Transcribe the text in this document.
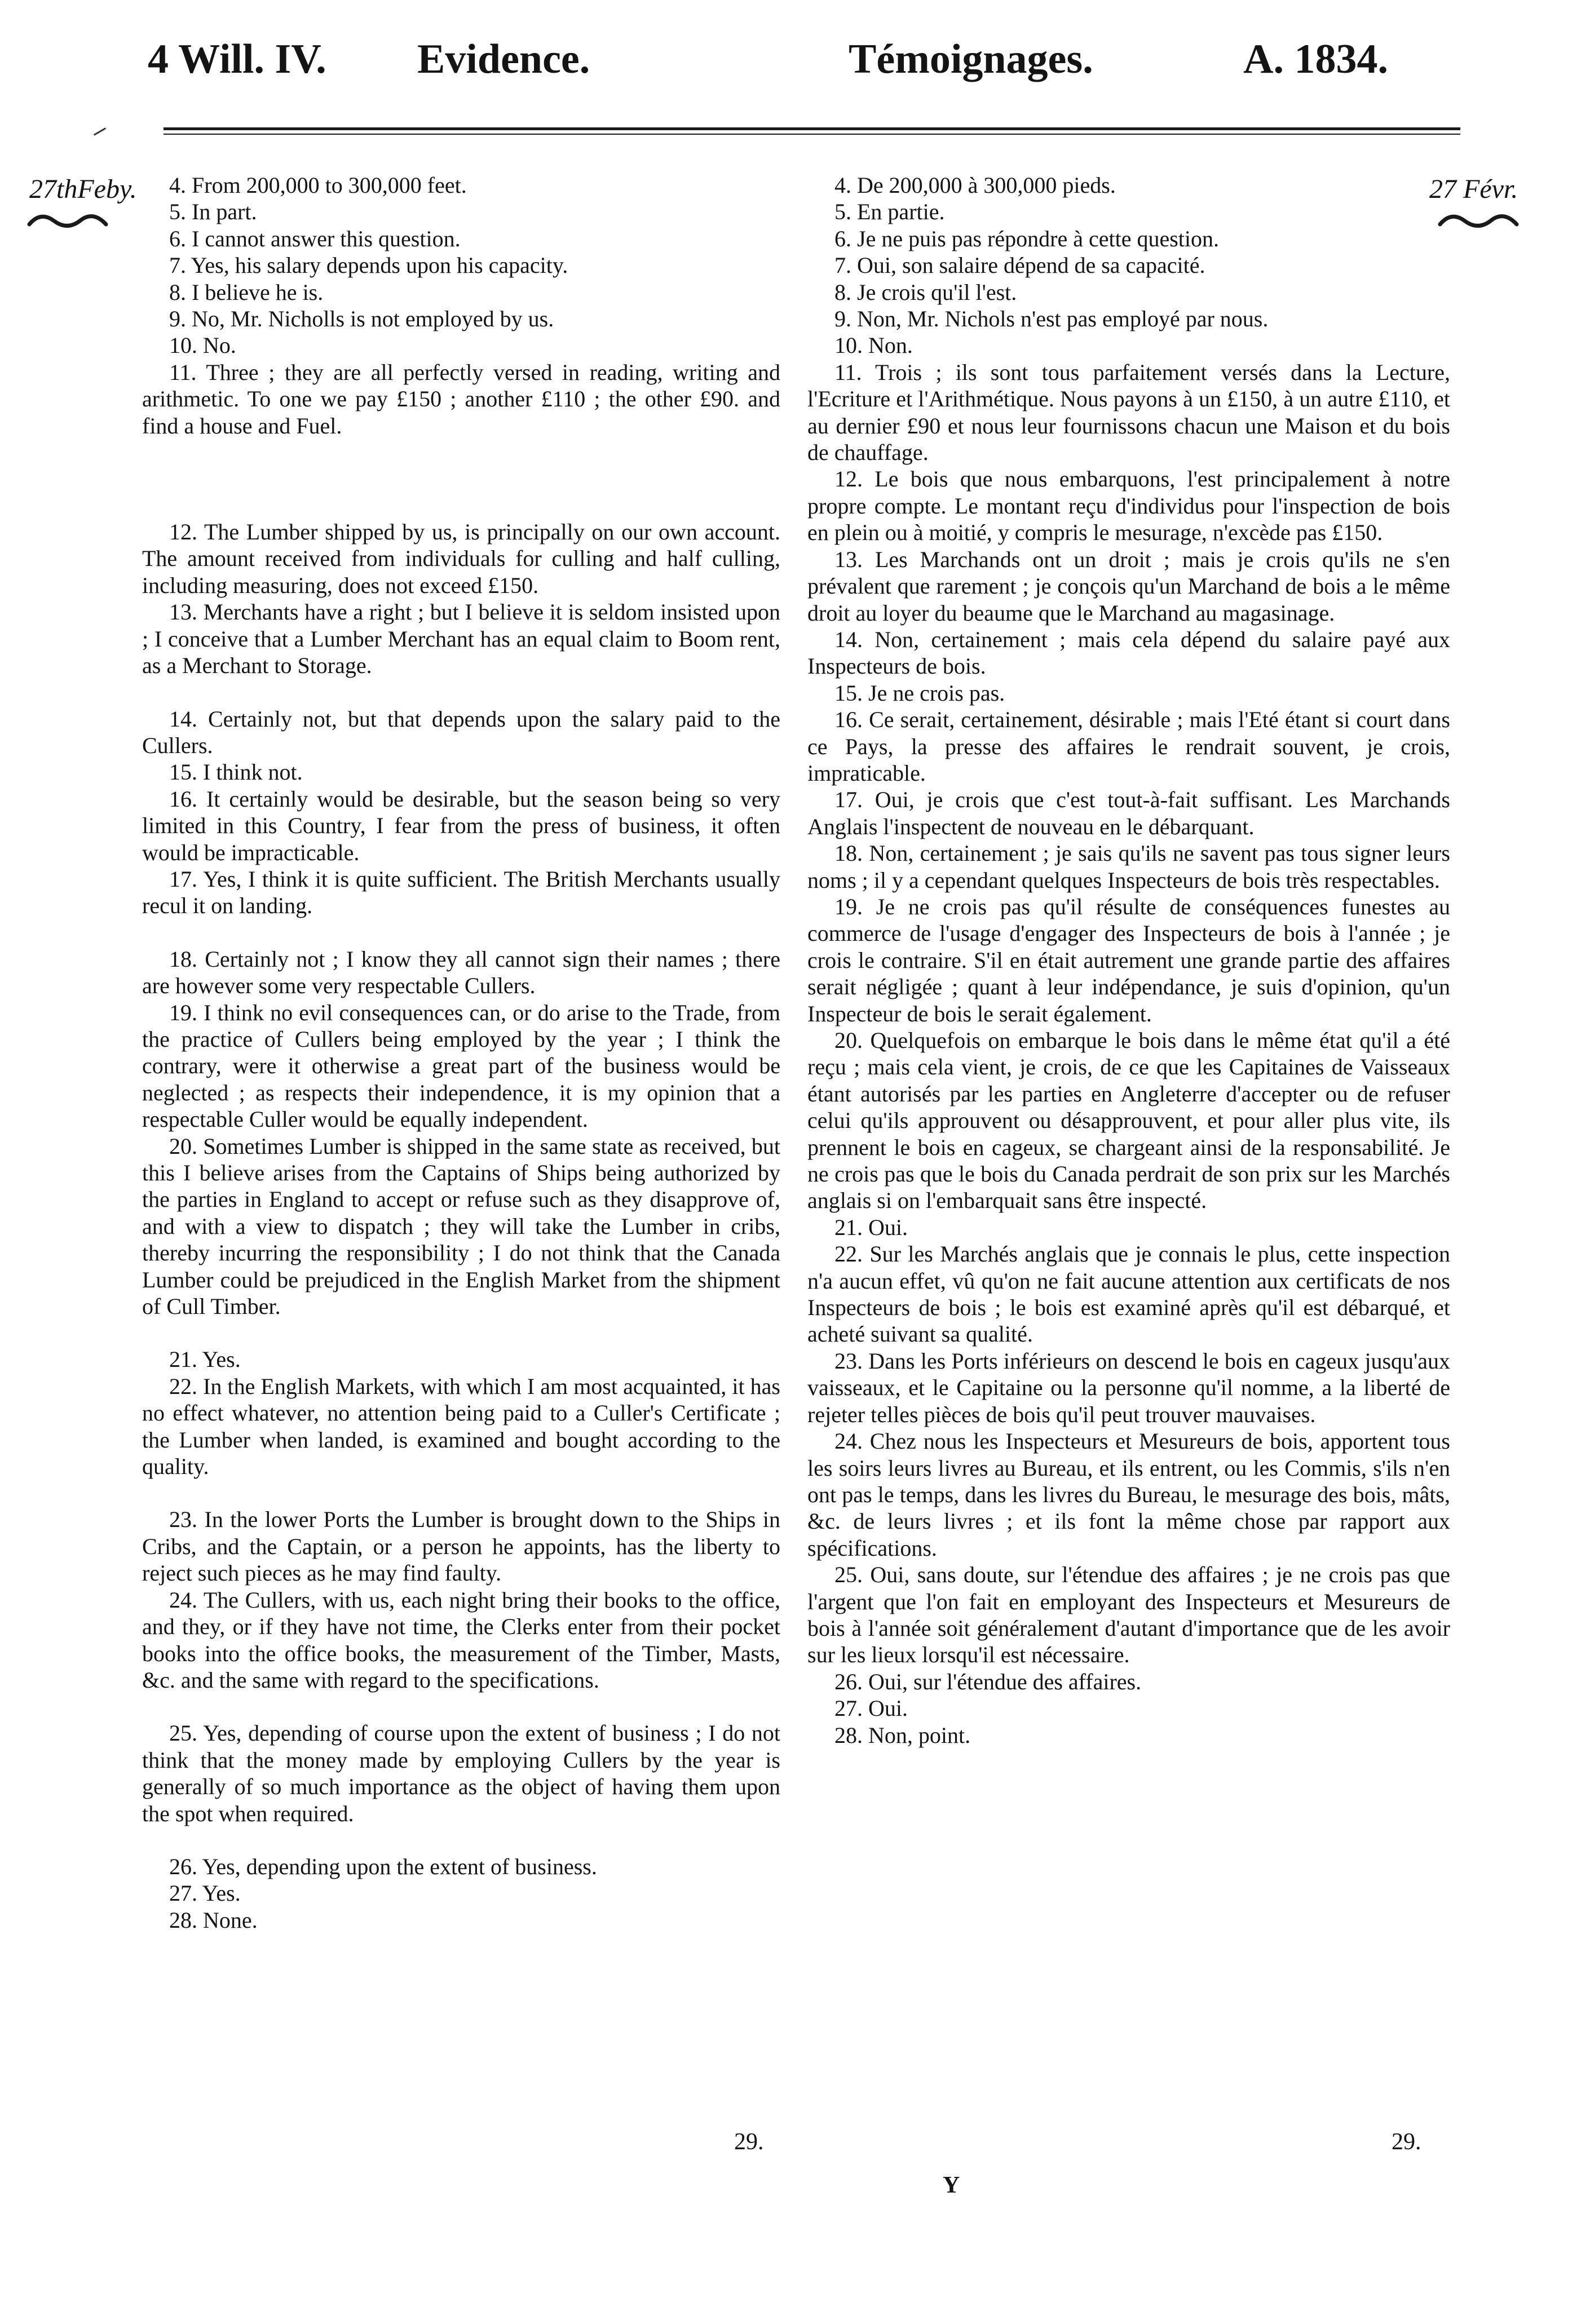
4 Will. IV. Evidence.	Témoignages.	A. 1834.
27thFeby.	27 Févr.

4. From 200,000 to 300,000 feet.

5. In part.

6. I cannot answer this question.

7. Yes, his salary depends upon his capacity.

8. I believe he is.

9. No, Mr. Nicholls is not employed by us.

10. No.

11. Three ; they are all perfectly versed in reading, writing and arithmetic. To one we pay £150 ; another £110 ; the other £90. and find a house and Fuel.

12. The Lumber shipped by us, is principally on our own account. The amount received from individuals for culling and half culling, including measuring, does not exceed £150.

13. Merchants have a right ; but I believe it is seldom insisted upon ; I conceive that a Lumber Merchant has an equal claim to Boom rent, as a Merchant to Storage.

14. Certainly not, but that depends upon the salary paid to the Cullers.

15. I think not.

16. It certainly would be desirable, but the season being so very limited in this Country, I fear from the press of business, it often would be impracticable.

17. Yes, I think it is quite sufficient. The British Merchants usually recul it on landing.

18. Certainly not ; I know they all cannot sign their names ; there are however some very respectable Cullers.

19. I think no evil consequences can, or do arise to the Trade, from the practice of Cullers being employed by the year ; I think the contrary, were it otherwise a great part of the business would be neglected ; as respects their independence, it is my opinion that a respectable Culler would be equally independent.

20. Sometimes Lumber is shipped in the same state as received, but this I believe arises from the Captains of Ships being authorized by the parties in England to accept or refuse such as they disapprove of, and with a view to dispatch ; they will take the Lumber in cribs, thereby incurring the responsibility ; I do not think that the Canada Lumber could be prejudiced in the English Market from the shipment of Cull Timber.

21. Yes.

22. In the English Markets, with which I am most acquainted, it has no effect whatever, no attention being paid to a Culler's Certificate ; the Lumber when landed, is examined and bought according to the quality.

23. In the lower Ports the Lumber is brought down to the Ships in Cribs, and the Captain, or a person he appoints, has the liberty to reject such pieces as he may find faulty.

24. The Cullers, with us, each night bring their books to the office, and they, or if they have not time, the Clerks enter from their pocket books into the office books, the measurement of the Timber, Masts, &c. and the same with regard to the specifications.

25. Yes, depending of course upon the extent of business ; I do not think that the money made by employing Cullers by the year is generally of so much importance as the object of having them upon the spot when required.

26. Yes, depending upon the extent of business.

27. Yes.

28. None.

4. De 200,000 à 300,000 pieds.

5. En partie.

6. Je ne puis pas répondre à cette question.

7. Oui, son salaire dépend de sa capacité.

8. Je crois qu'il l'est.

9. Non, Mr. Nichols n'est pas employé par nous.

10. Non.

11. Trois ; ils sont tous parfaitement versés dans la Lecture, l'Ecriture et l'Arithmétique. Nous payons à un £150, à un autre £110, et au dernier £90 et nous leur fournissons chacun une Maison et du bois de chauffage.

12. Le bois que nous embarquons, l'est principalement à notre propre compte. Le montant reçu d'individus pour l'inspection de bois en plein ou à moitié, y compris le mesurage, n'excède pas £150.

13. Les Marchands ont un droit ; mais je crois qu'ils ne s'en prévalent que rarement ; je conçois qu'un Marchand de bois a le même droit au loyer du beaume que le Marchand au magasinage.

14. Non, certainement ; mais cela dépend du salaire payé aux Inspecteurs de bois.

15. Je ne crois pas.

16. Ce serait, certainement, désirable ; mais l'Eté étant si court dans ce Pays, la presse des affaires le rendrait souvent, je crois, impraticable.

17. Oui, je crois que c'est tout-à-fait suffisant. Les Marchands Anglais l'inspectent de nouveau en le débarquant.

18. Non, certainement ; je sais qu'ils ne savent pas tous signer leurs noms ; il y a cependant quelques Inspecteurs de bois très respectables.

19. Je ne crois pas qu'il résulte de conséquences funestes au commerce de l'usage d'engager des Inspecteurs de bois à l'année ; je crois le contraire. S'il en était autrement une grande partie des affaires serait négligée ; quant à leur indépendance, je suis d'opinion, qu'un Inspecteur de bois le serait également.

20. Quelquefois on embarque le bois dans le même état qu'il a été reçu ; mais cela vient, je crois, de ce que les Capitaines de Vaisseaux étant autorisés par les parties en Angleterre d'accepter ou de refuser celui qu'ils approuvent ou désapprouvent, et pour aller plus vite, ils prennent le bois en cageux, se chargeant ainsi de la responsabilité. Je ne crois pas que le bois du Canada perdrait de son prix sur les Marchés anglais si on l'embarquait sans être inspecté.

21. Oui.

22. Sur les Marchés anglais que je connais le plus, cette inspection n'a aucun effet, vû qu'on ne fait aucune attention aux certificats de nos Inspecteurs de bois ; le bois est examiné après qu'il est débarqué, et acheté suivant sa qualité.

23. Dans les Ports inférieurs on descend le bois en cageux jusqu'aux vaisseaux, et le Capitaine ou la personne qu'il nomme, a la liberté de rejeter telles pièces de bois qu'il peut trouver mauvaises.

24. Chez nous les Inspecteurs et Mesureurs de bois, apportent tous les soirs leurs livres au Bureau, et ils entrent, ou les Commis, s'ils n'en ont pas le temps, dans les livres du Bureau, le mesurage des bois, mâts, &c. de leurs livres ; et ils font la même chose par rapport aux spécifications.

25. Oui, sans doute, sur l'étendue des affaires ; je ne crois pas que l'argent que l'on fait en employant des Inspecteurs et Mesureurs de bois à l'année soit généralement d'autant d'importance que de les avoir sur les lieux lorsqu'il est nécessaire.

26. Oui, sur l'étendue des affaires.

27. Oui.

28. Non, point.

29.	29.
Y
